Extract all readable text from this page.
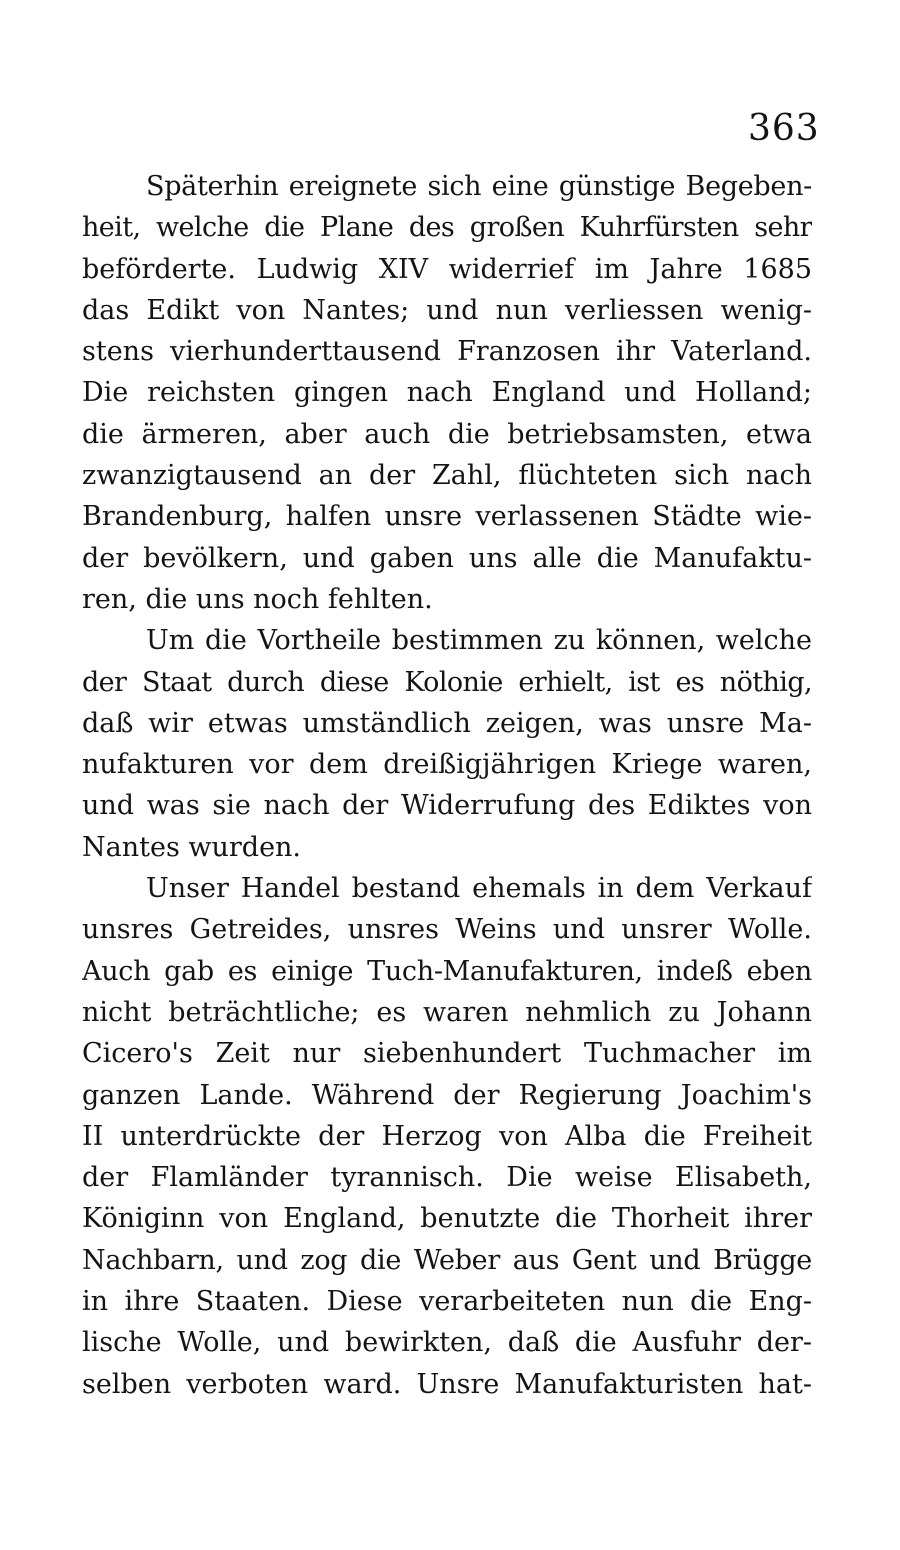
363
Späterhin ereignete sich eine günstige Begeben-
heit, welche die Plane des großen Kuhrfürsten sehr
beförderte. Ludwig XIV widerrief im Jahre 1685
das Edikt von Nantes; und nun verliessen wenig-
stens vierhunderttausend Franzosen ihr Vaterland.
Die reichsten gingen nach England und Holland;
die ärmeren, aber auch die betriebsamsten, etwa
zwanzigtausend an der Zahl, flüchteten sich nach
Brandenburg, halfen unsre verlassenen Städte wie-
der bevölkern, und gaben uns alle die Manufaktu-
ren, die uns noch fehlten.
Um die Vortheile bestimmen zu können, welche
der Staat durch diese Kolonie erhielt, ist es nöthig,
daß wir etwas umständlich zeigen, was unsre Ma-
nufakturen vor dem dreißigjährigen Kriege waren,
und was sie nach der Widerrufung des Ediktes von
Nantes wurden.
Unser Handel bestand ehemals in dem Verkauf
unsres Getreides, unsres Weins und unsrer Wolle.
Auch gab es einige Tuch-Manufakturen, indeß eben
nicht beträchtliche; es waren nehmlich zu Johann
Cicero's Zeit nur siebenhundert Tuchmacher im
ganzen Lande. Während der Regierung Joachim's
II unterdrückte der Herzog von Alba die Freiheit
der Flamländer tyrannisch. Die weise Elisabeth,
Königinn von England, benutzte die Thorheit ihrer
Nachbarn, und zog die Weber aus Gent und Brügge
in ihre Staaten. Diese verarbeiteten nun die Eng-
lische Wolle, und bewirkten, daß die Ausfuhr der-
selben verboten ward. Unsre Manufakturisten hat-
